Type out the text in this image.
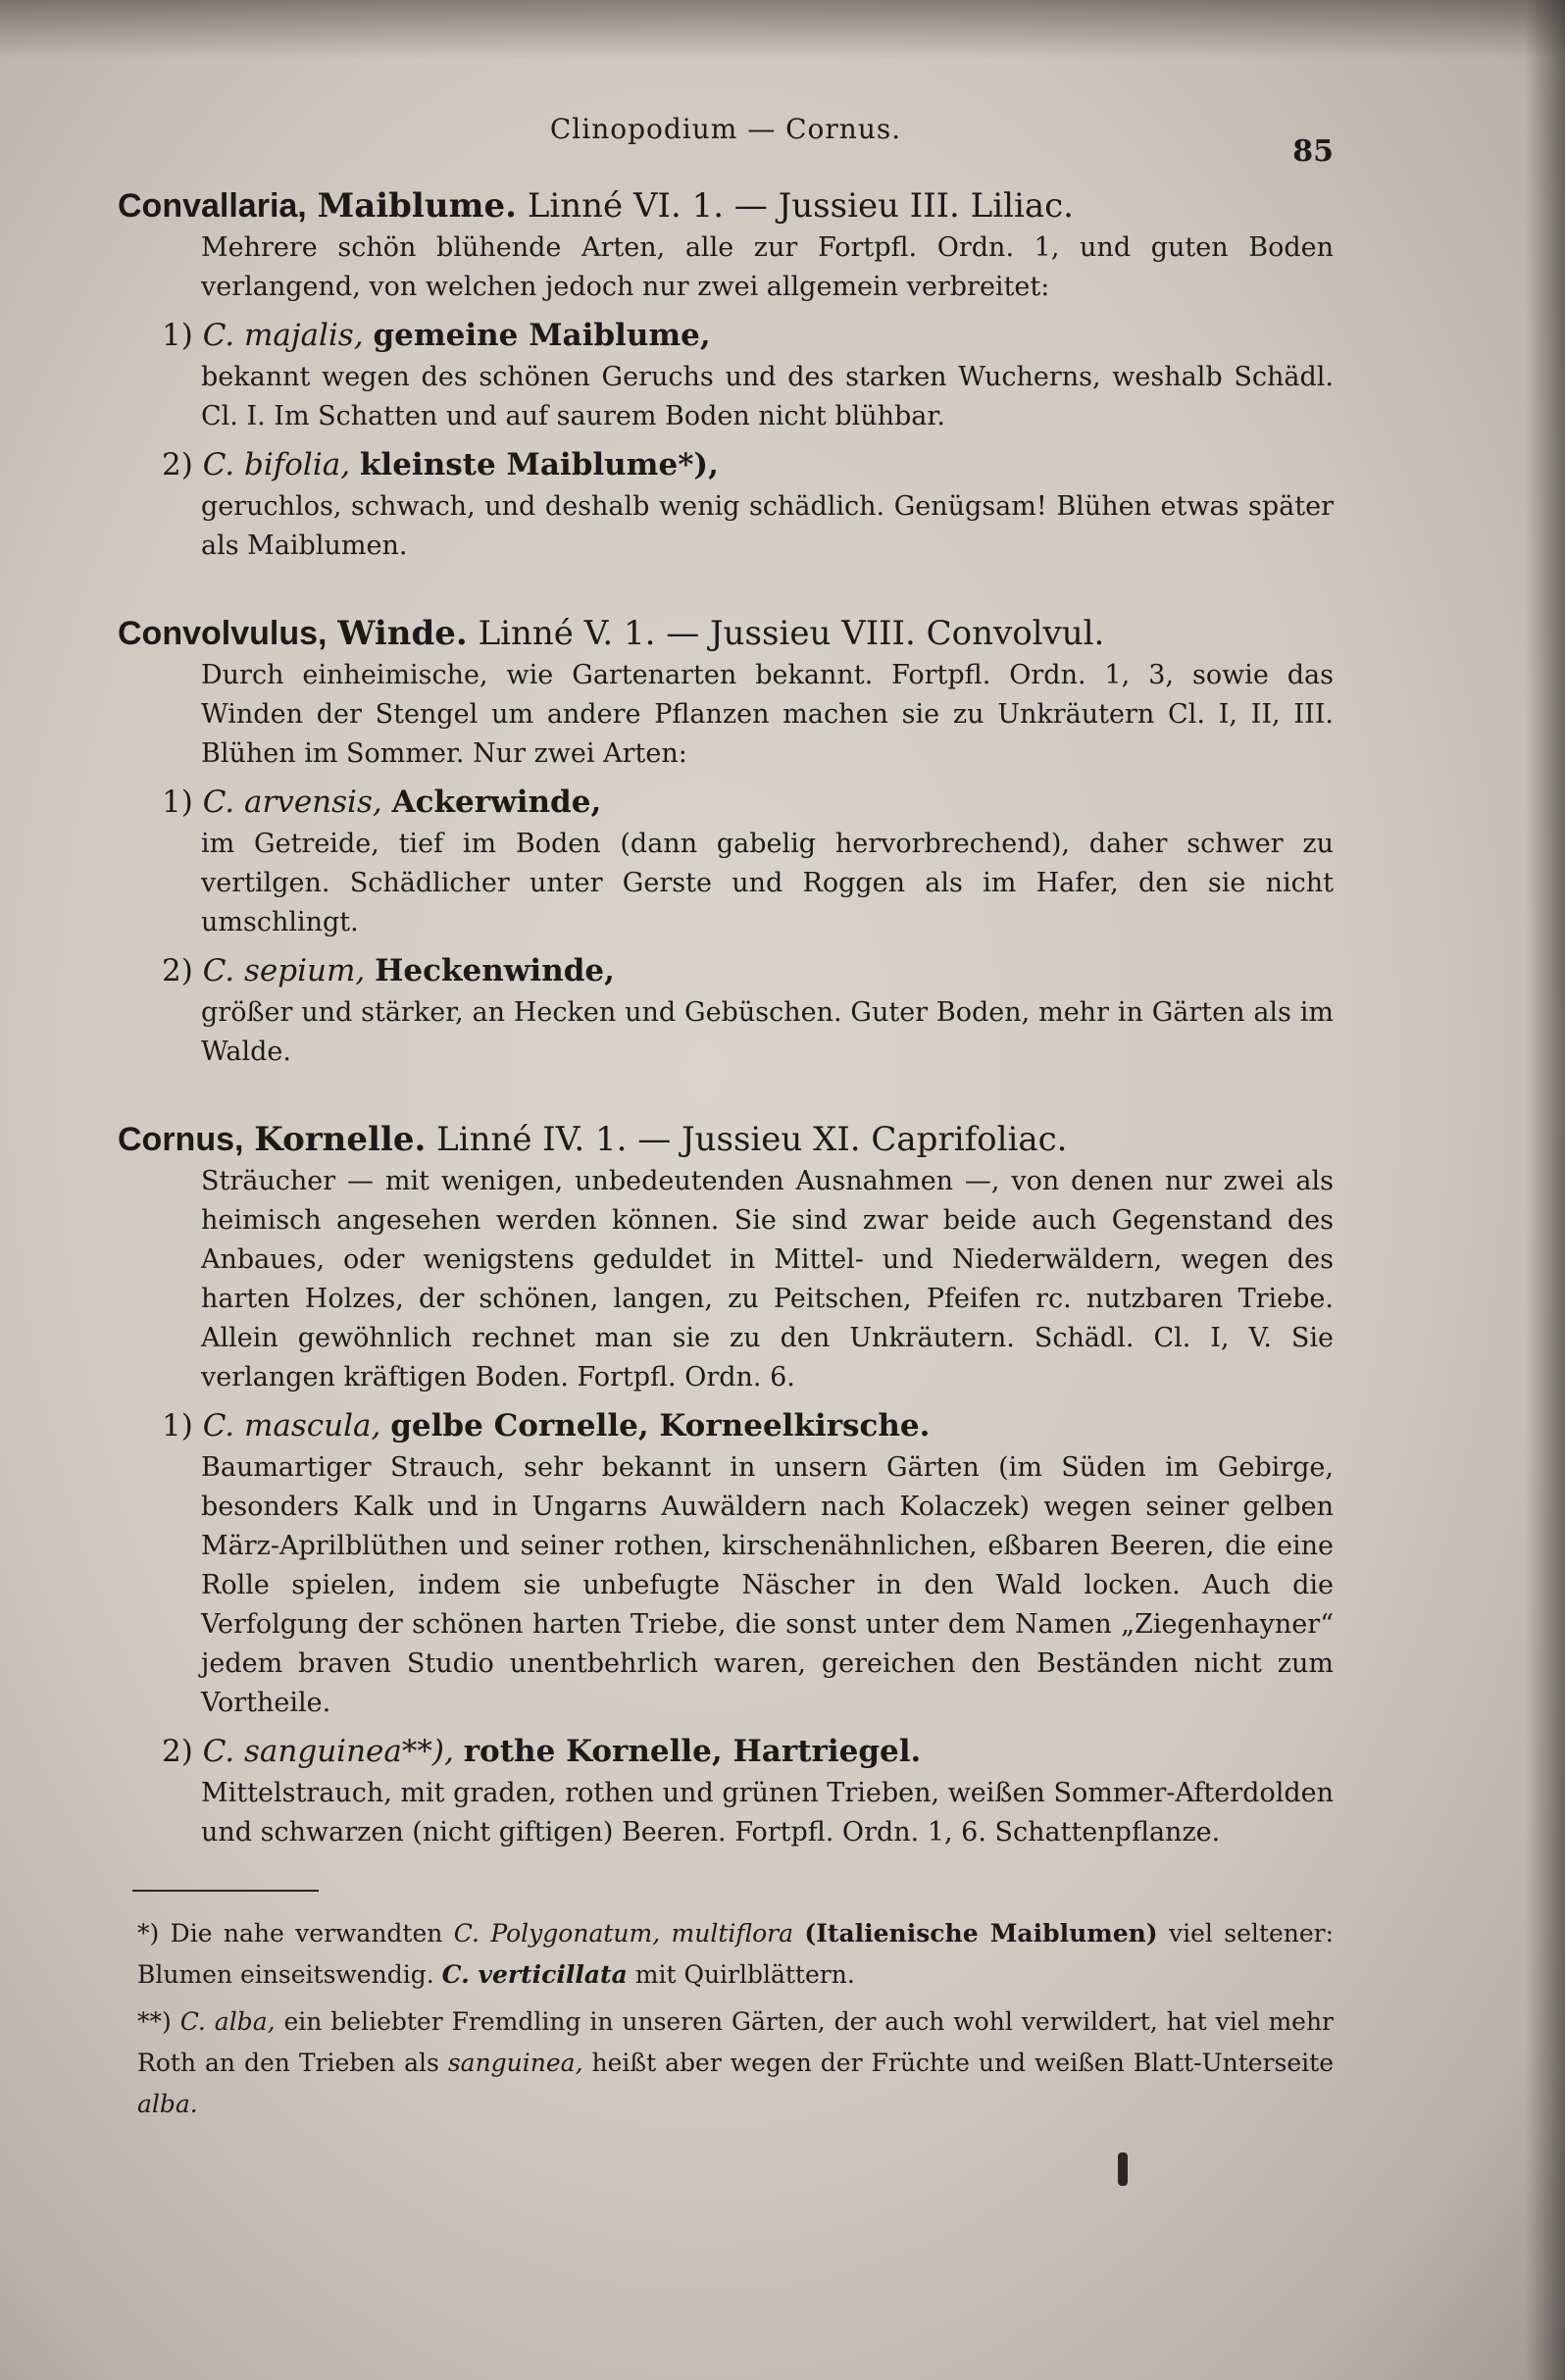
Clinopodium — Cornus.
85
Convallaria, Maiblume. Linné VI. 1. — Jussieu III. Liliac.
Mehrere schön blühende Arten, alle zur Fortpfl. Ordn. 1, und guten Boden verlangend, von welchen jedoch nur zwei allgemein verbreitet:
1) C. majalis, gemeine Maiblume,
bekannt wegen des schönen Geruchs und des starken Wucherns, weshalb Schädl. Cl. I. Im Schatten und auf saurem Boden nicht blühbar.
2) C. bifolia, kleinste Maiblume*),
geruchlos, schwach, und deshalb wenig schädlich. Genügsam! Blühen etwas später als Maiblumen.
Convolvulus, Winde. Linné V. 1. — Jussieu VIII. Convolvul.
Durch einheimische, wie Gartenarten bekannt. Fortpfl. Ordn. 1, 3, sowie das Winden der Stengel um andere Pflanzen machen sie zu Unkräutern Cl. I, II, III. Blühen im Sommer. Nur zwei Arten:
1) C. arvensis, Ackerwinde,
im Getreide, tief im Boden (dann gabelig hervorbrechend), daher schwer zu vertilgen. Schädlicher unter Gerste und Roggen als im Hafer, den sie nicht umschlingt.
2) C. sepium, Heckenwinde,
größer und stärker, an Hecken und Gebüschen. Guter Boden, mehr in Gärten als im Walde.
Cornus, Kornelle. Linné IV. 1. — Jussieu XI. Caprifoliac.
Sträucher — mit wenigen, unbedeutenden Ausnahmen —, von denen nur zwei als heimisch angesehen werden können. Sie sind zwar beide auch Gegenstand des Anbaues, oder wenigstens geduldet in Mittel- und Niederwäldern, wegen des harten Holzes, der schönen, langen, zu Peitschen, Pfeifen rc. nutzbaren Triebe. Allein gewöhnlich rechnet man sie zu den Unkräutern. Schädl. Cl. I, V. Sie verlangen kräftigen Boden. Fortpfl. Ordn. 6.
1) C. mascula, gelbe Cornelle, Korneelkirsche.
Baumartiger Strauch, sehr bekannt in unsern Gärten (im Süden im Gebirge, besonders Kalk und in Ungarns Auwäldern nach Kolaczek) wegen seiner gelben März-Aprilblüthen und seiner rothen, kirschenähnlichen, eßbaren Beeren, die eine Rolle spielen, indem sie unbefugte Näscher in den Wald locken. Auch die Verfolgung der schönen harten Triebe, die sonst unter dem Namen „Ziegenhayner“ jedem braven Studio unentbehrlich waren, gereichen den Beständen nicht zum Vortheile.
2) C. sanguinea**), rothe Kornelle, Hartriegel.
Mittelstrauch, mit graden, rothen und grünen Trieben, weißen Sommer-Afterdolden und schwarzen (nicht giftigen) Beeren. Fortpfl. Ordn. 1, 6. Schattenpflanze.
*) Die nahe verwandten C. Polygonatum, multiflora (Italienische Maiblumen) viel seltener: Blumen einseitswendig. C. verticillata mit Quirlblättern.
**) C. alba, ein beliebter Fremdling in unseren Gärten, der auch wohl verwildert, hat viel mehr Roth an den Trieben als sanguinea, heißt aber wegen der Früchte und weißen Blatt-Unterseite alba.
